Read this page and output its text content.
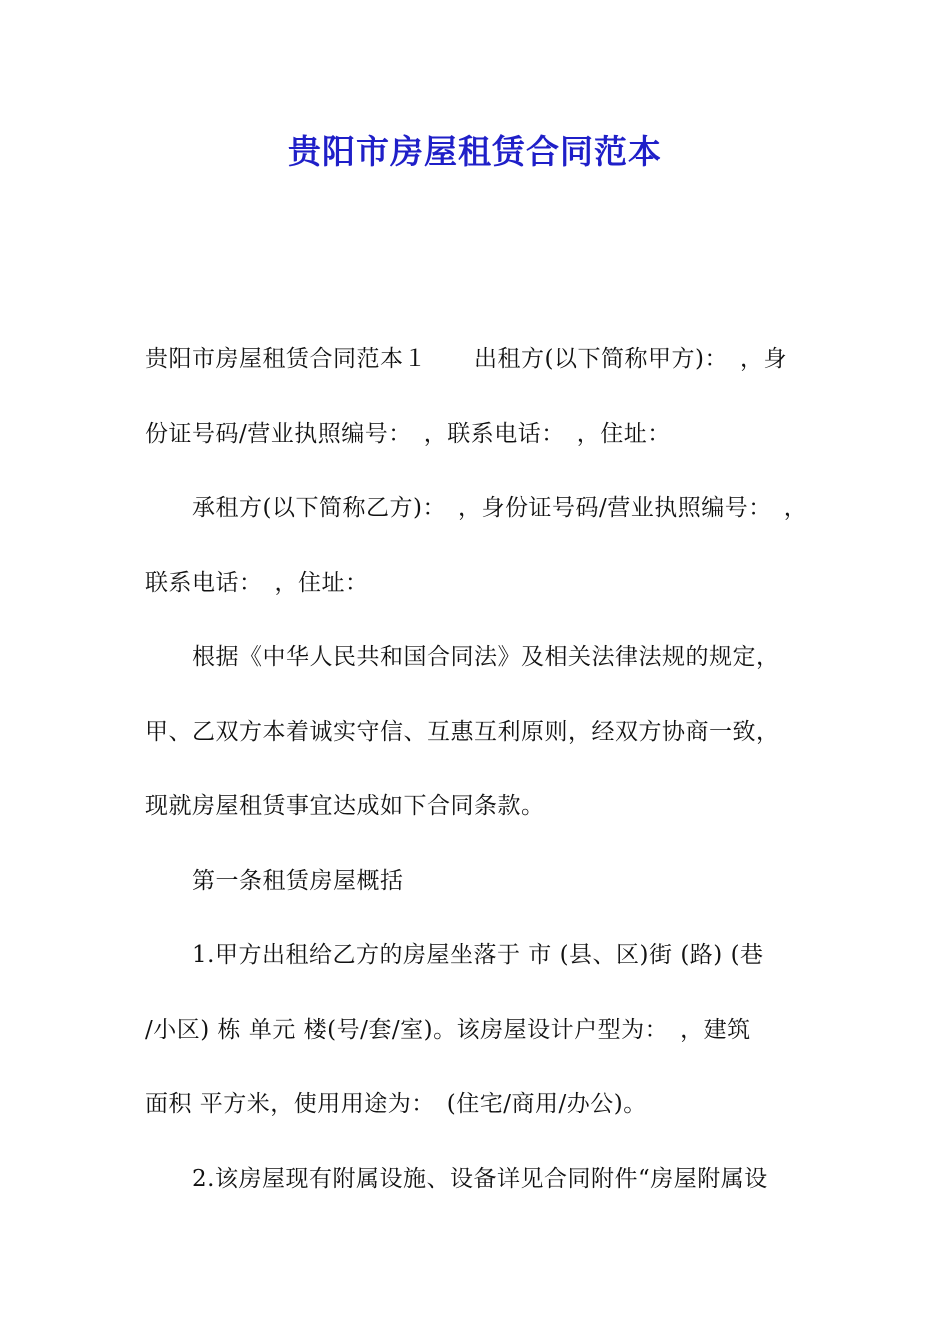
贵阳市房屋租赁合同范本
贵阳市房屋租赁合同范本１　　出租方(以下简称甲方)：　，身
份证号码/营业执照编号：　，联系电话：　，住址：
　　承租方(以下简称乙方)：　，身份证号码/营业执照编号：　，
联系电话：　，住址：
　　根据《中华人民共和国合同法》及相关法律法规的规定，
甲、乙双方本着诚实守信、互惠互利原则，经双方协商一致，
现就房屋租赁事宜达成如下合同条款。
　　第一条租赁房屋概括
　　1.甲方出租给乙方的房屋坐落于 市 (县、区)街 (路) (巷
/小区) 栋 单元 楼(号/套/室)。该房屋设计户型为：　，建筑
面积 平方米，使用用途为：　(住宅/商用/办公)。
　　2.该房屋现有附属设施、设备详见合同附件“房屋附属设
